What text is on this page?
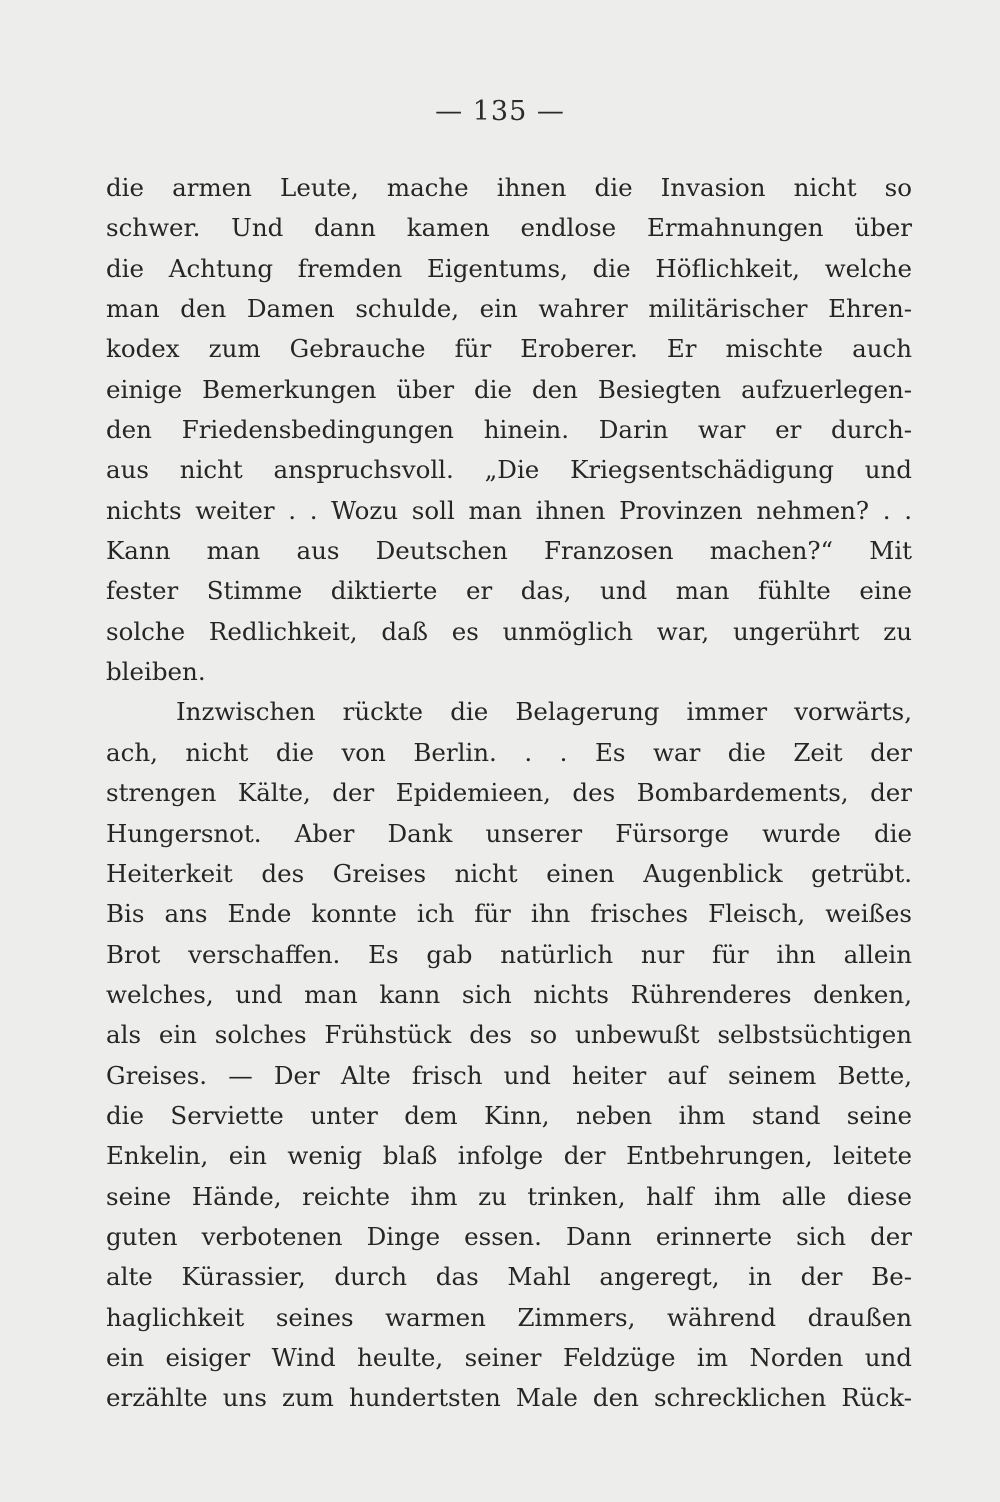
— 135 —
die armen Leute, mache ihnen die Invasion nicht so
schwer. Und dann kamen endlose Ermahnungen über
die Achtung fremden Eigentums, die Höflichkeit, welche
man den Damen schulde, ein wahrer militärischer Ehren-
kodex zum Gebrauche für Eroberer. Er mischte auch
einige Bemerkungen über die den Besiegten aufzuerlegen-
den Friedensbedingungen hinein. Darin war er durch-
aus nicht anspruchsvoll. „Die Kriegsentschädigung und
nichts weiter . . Wozu soll man ihnen Provinzen nehmen? . .
Kann man aus Deutschen Franzosen machen?“ Mit
fester Stimme diktierte er das, und man fühlte eine
solche Redlichkeit, daß es unmöglich war, ungerührt zu
bleiben.
Inzwischen rückte die Belagerung immer vorwärts,
ach, nicht die von Berlin. . . Es war die Zeit der
strengen Kälte, der Epidemieen, des Bombardements, der
Hungersnot. Aber Dank unserer Fürsorge wurde die
Heiterkeit des Greises nicht einen Augenblick getrübt.
Bis ans Ende konnte ich für ihn frisches Fleisch, weißes
Brot verschaffen. Es gab natürlich nur für ihn allein
welches, und man kann sich nichts Rührenderes denken,
als ein solches Frühstück des so unbewußt selbstsüchtigen
Greises. — Der Alte frisch und heiter auf seinem Bette,
die Serviette unter dem Kinn, neben ihm stand seine
Enkelin, ein wenig blaß infolge der Entbehrungen, leitete
seine Hände, reichte ihm zu trinken, half ihm alle diese
guten verbotenen Dinge essen. Dann erinnerte sich der
alte Kürassier, durch das Mahl angeregt, in der Be-
haglichkeit seines warmen Zimmers, während draußen
ein eisiger Wind heulte, seiner Feldzüge im Norden und
erzählte uns zum hundertsten Male den schrecklichen Rück-
